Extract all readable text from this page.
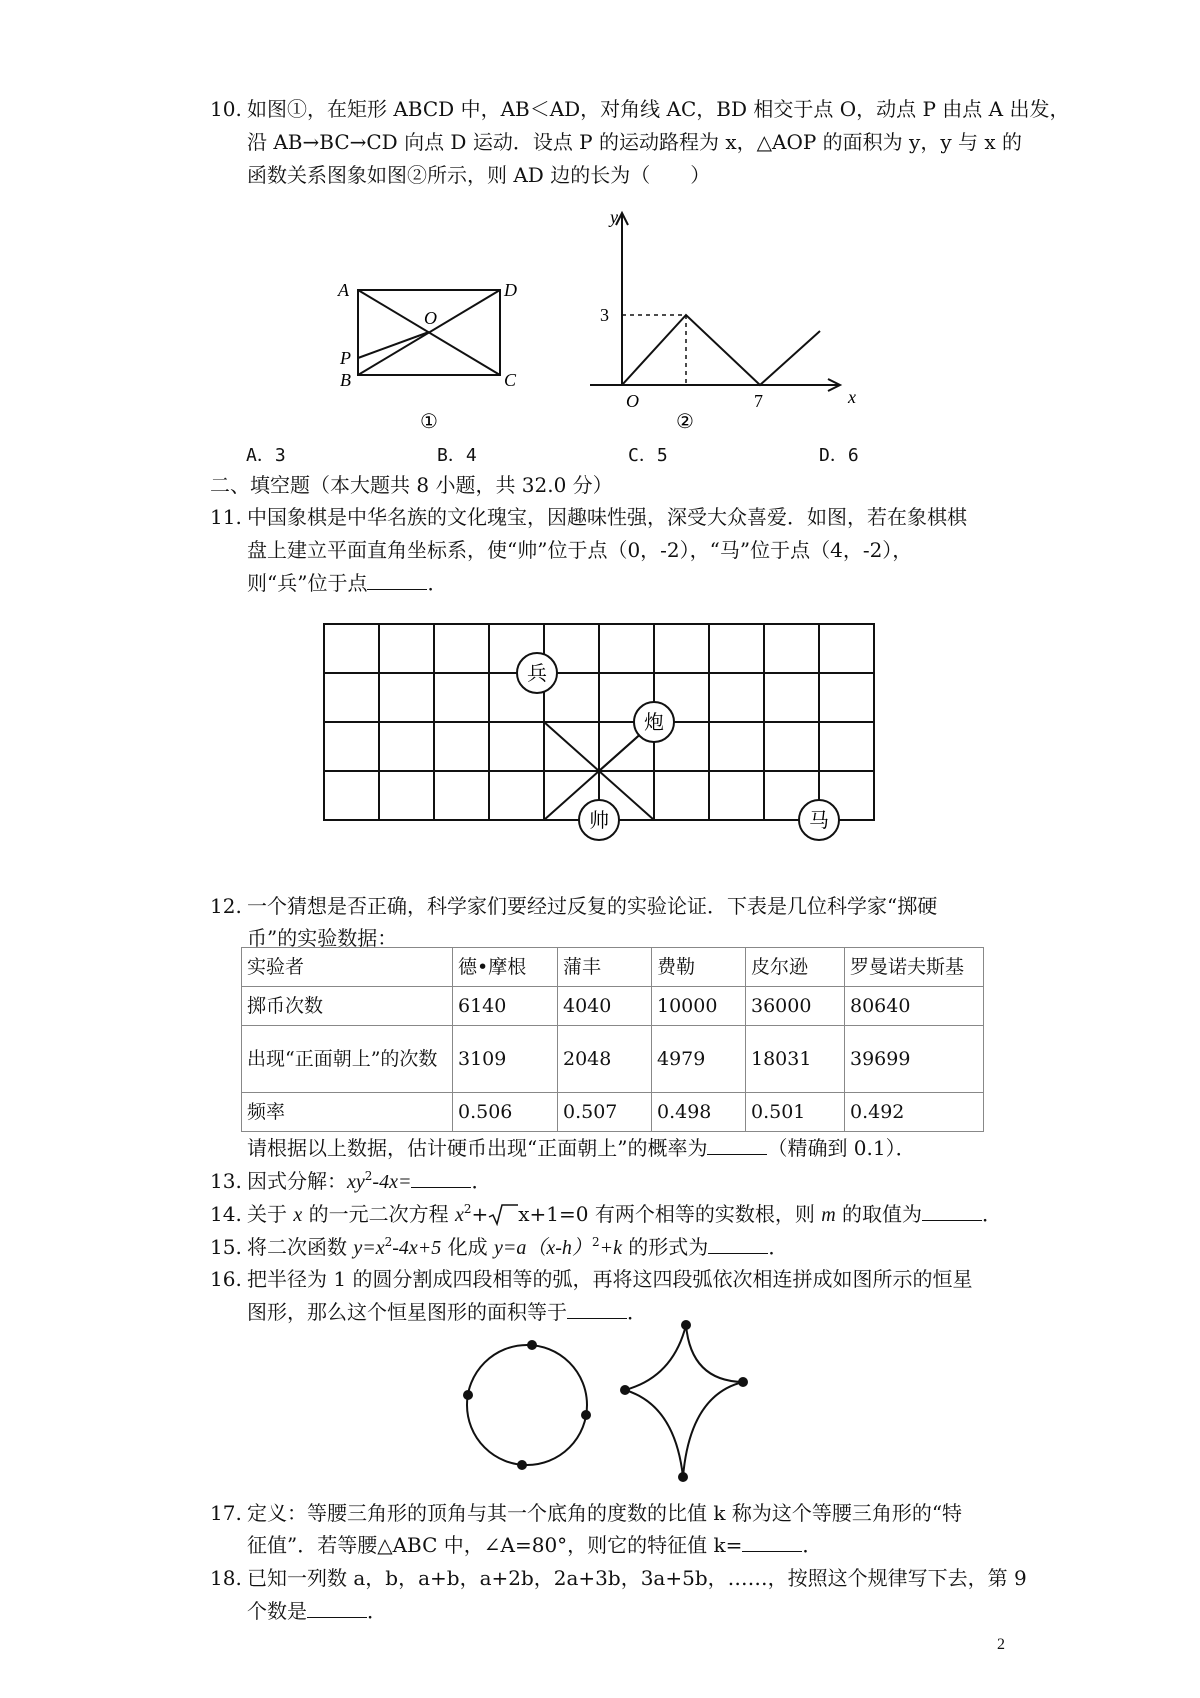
10. 如图①，在矩形 ABCD 中，AB＜AD，对角线 AC，BD 相交于点 O，动点 P 由点 A 出发，
沿 AB→BC→CD 向点 D 运动．设点 P 的运动路程为 x，△AOP 的面积为 y，y 与 x 的
函数关系图象如图②所示，则 AD 边的长为（　　）
A	D
O
P
B	C
①
y
x
O
3
7
②
A．3	B．4	C．5	D．6
二、填空题（本大题共 8 小题，共 32.0 分）
11. 中国象棋是中华名族的文化瑰宝，因趣味性强，深受大众喜爱．如图，若在象棋棋
盘上建立平面直角坐标系，使“帅”位于点（0，-2），“马”位于点（4，-2），
则“兵”位于点	．
兵
炮
帅	马
12. 一个猜想是否正确，科学家们要经过反复的实验论证．下表是几位科学家“掷硬
币”的实验数据：
实验者	德•摩根	蒲丰	费勒	皮尔逊	罗曼诺夫斯基
掷币次数	6140	4040	10000	36000	80640
出现“正面朝上”的次数	3109	2048	4979	18031	39699
频率	0.506	0.507	0.498	0.501	0.492
请根据以上数据，估计硬币出现“正面朝上”的概率为	（精确到 0.1）．
13. 因式分解：$xy^2-4x=$	．
14. 关于 x 的一元二次方程 $x^2+ x+1=0$ 有两个相等的实数根，则 m 的取值为	．
15. 将二次函数 $y=x^2-4x+5$ 化成 $y=a(x-h)^2+k$ 的形式为	．
16. 把半径为 1 的圆分割成四段相等的弧，再将这四段弧依次相连拼成如图所示的恒星
图形，那么这个恒星图形的面积等于	．
17. 定义：等腰三角形的顶角与其一个底角的度数的比值 k 称为这个等腰三角形的“特
征值”．若等腰△ABC 中，∠A=80°，则它的特征值 k=	．
18. 已知一列数 a，b，a+b，a+2b，2a+3b，3a+5b，……，按照这个规律写下去，第 9
个数是	．
2
